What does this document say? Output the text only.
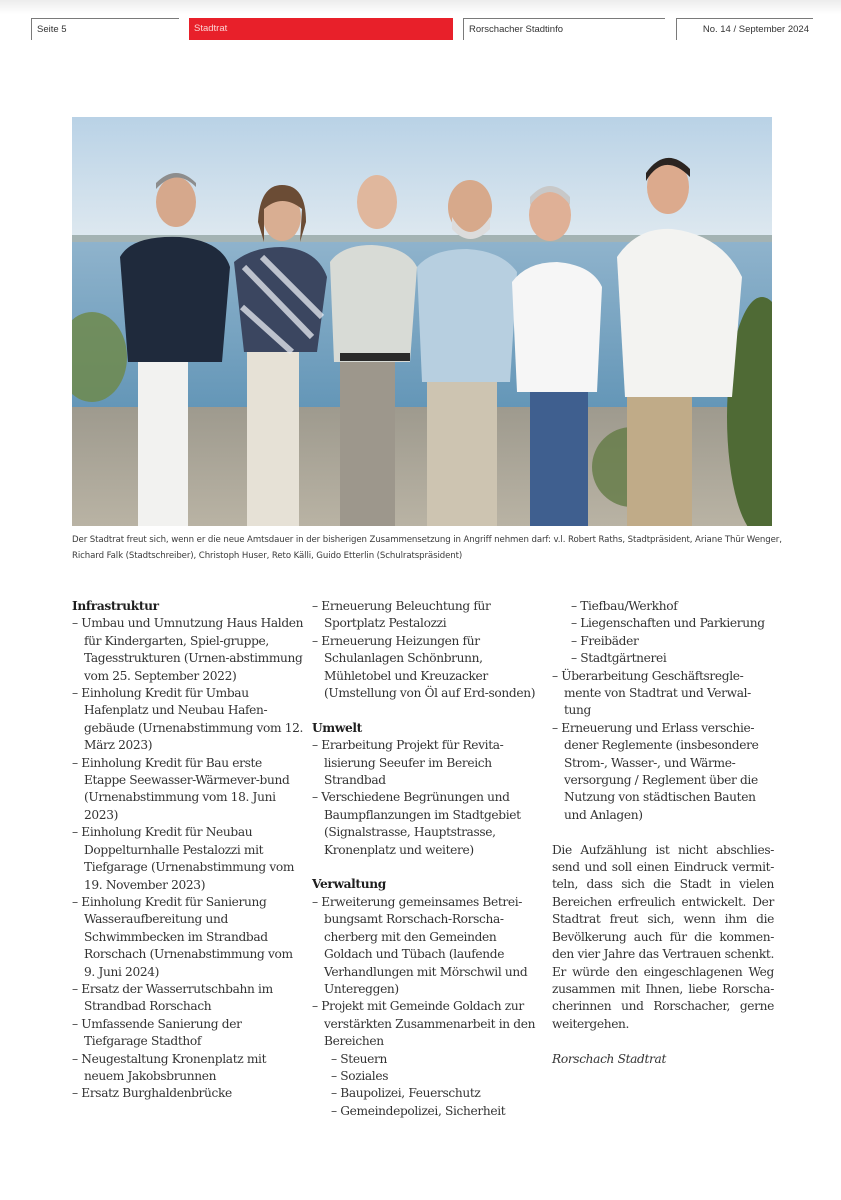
Seite 5	Stadtrat	Rorschacher Stadtinfo	No. 14 / September 2024
Der Stadtrat freut sich, wenn er die neue Amtsdauer in der bisherigen Zusammensetzung in Angriff nehmen darf: v.l. Robert Raths, Stadtpräsident, Ariane Thür Wenger, Richard Falk (Stadtschreiber), Christoph Huser, Reto Källi, Guido Etterlin (Schulratspräsident)
Infrastruktur
– Umbau und Umnutzung Haus Halden für Kindergarten, Spiel-gruppe, Tagesstrukturen (Urnen-abstimmung vom 25. September 2022)
– Einholung Kredit für Umbau Hafenplatz und Neubau Hafen-gebäude (Urnenabstimmung vom 12. März 2023)
– Einholung Kredit für Bau erste Etappe Seewasser-Wärmever-bund (Urnenabstimmung vom 18. Juni 2023)
– Einholung Kredit für Neubau Doppelturnhalle Pestalozzi mit Tiefgarage (Urnenabstimmung vom 19. November 2023)
– Einholung Kredit für Sanierung Wasseraufbereitung und Schwimmbecken im Strandbad Rorschach (Urnenabstimmung vom 9. Juni 2024)
– Ersatz der Wasserrutschbahn im Strandbad Rorschach
– Umfassende Sanierung der Tiefgarage Stadthof
– Neugestaltung Kronenplatz mit neuem Jakobsbrunnen
– Ersatz Burghaldenbrücke
– Erneuerung Beleuchtung für Sportplatz Pestalozzi
– Erneuerung Heizungen für Schulanlagen Schönbrunn, Mühletobel und Kreuzacker (Umstellung von Öl auf Erd-sonden)
Umwelt
– Erarbeitung Projekt für Revita-lisierung Seeufer im Bereich Strandbad
– Verschiedene Begrünungen und Baumpflanzungen im Stadtgebiet (Signalstrasse, Hauptstrasse, Kronenplatz und weitere)
Verwaltung
– Erweiterung gemeinsames Betrei-bungsamt Rorschach-Rorscha-cherberg mit den Gemeinden Goldach und Tübach (laufende Verhandlungen mit Mörschwil und Untereggen)
– Projekt mit Gemeinde Goldach zur verstärkten Zusammenarbeit in den Bereichen
– Steuern
– Soziales
– Baupolizei, Feuerschutz
– Gemeindepolizei, Sicherheit
– Tiefbau/Werkhof
– Liegenschaften und Parkierung
– Freibäder
– Stadtgärtnerei
– Überarbeitung Geschäftsregle-mente von Stadtrat und Verwal-tung
– Erneuerung und Erlass verschie-dener Reglemente (insbesondere Strom-, Wasser-, und Wärme-versorgung / Reglement über die Nutzung von städtischen Bauten und Anlagen)
Die Aufzählung ist nicht abschlies-send und soll einen Eindruck vermit-teln, dass sich die Stadt in vielen Bereichen erfreulich entwickelt. Der Stadtrat freut sich, wenn ihm die Bevölkerung auch für die kommen-den vier Jahre das Vertrauen schenkt. Er würde den eingeschlagenen Weg zusammen mit Ihnen, liebe Rorscha-cherinnen und Rorschacher, gerne weitergehen.
Rorschach Stadtrat
